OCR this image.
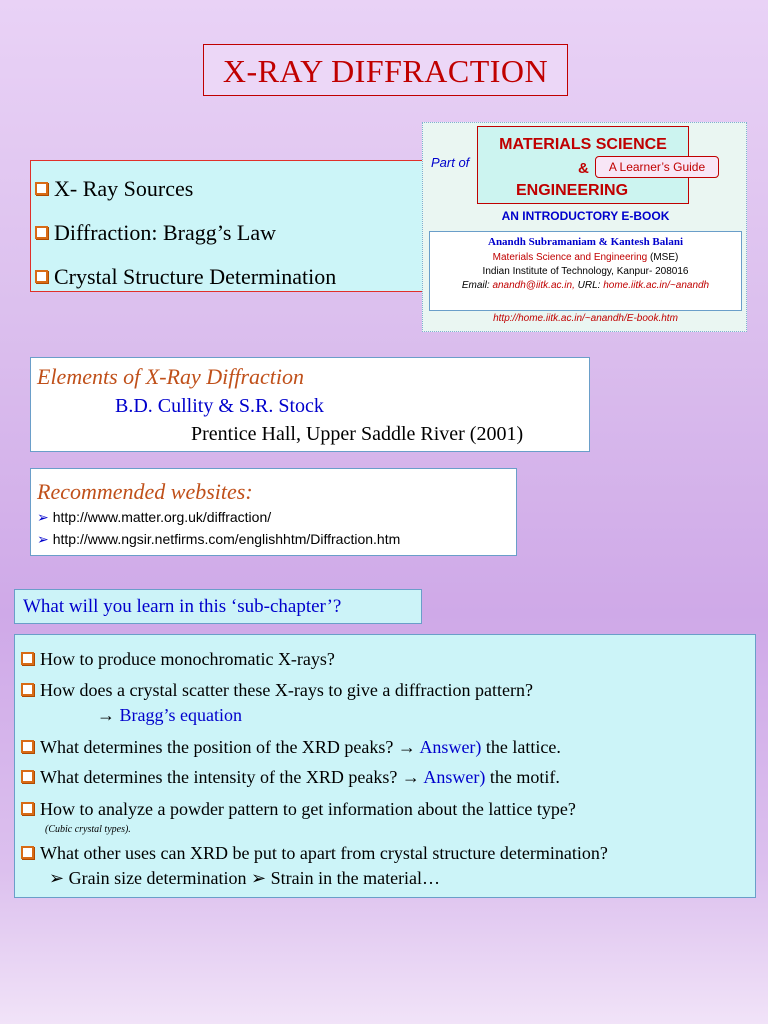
X-RAY DIFFRACTION
X- Ray Sources
Diffraction: Bragg’s Law
Crystal Structure Determination
Part of
MATERIALS SCIENCE
A Learner’s Guide
&
ENGINEERING
AN INTRODUCTORY E-BOOK
Anandh Subramaniam & Kantesh Balani
Materials Science and Engineering (MSE)
Indian Institute of Technology, Kanpur- 208016
Email: anandh@iitk.ac.in, URL: home.iitk.ac.in/~anandh
http://home.iitk.ac.in/~anandh/E-book.htm
Elements of X-Ray Diffraction
B.D. Cullity & S.R. Stock
Prentice Hall, Upper Saddle River (2001)
Recommended websites:
➢ http://www.matter.org.uk/diffraction/
➢ http://www.ngsir.netfirms.com/englishhtm/Diffraction.htm
What will you learn in this ‘sub-chapter’?
How to produce monochromatic X-rays?
How does a crystal scatter these X-rays to give a diffraction pattern?
→ Bragg’s equation
What determines the position of the XRD peaks? → Answer) the lattice.
What determines the intensity of the XRD peaks? → Answer) the motif.
How to analyze a powder pattern to get information about the lattice type?
(Cubic crystal types).
What other uses can XRD be put to apart from crystal structure determination?
➢ Grain size determination ➢ Strain in the material…
